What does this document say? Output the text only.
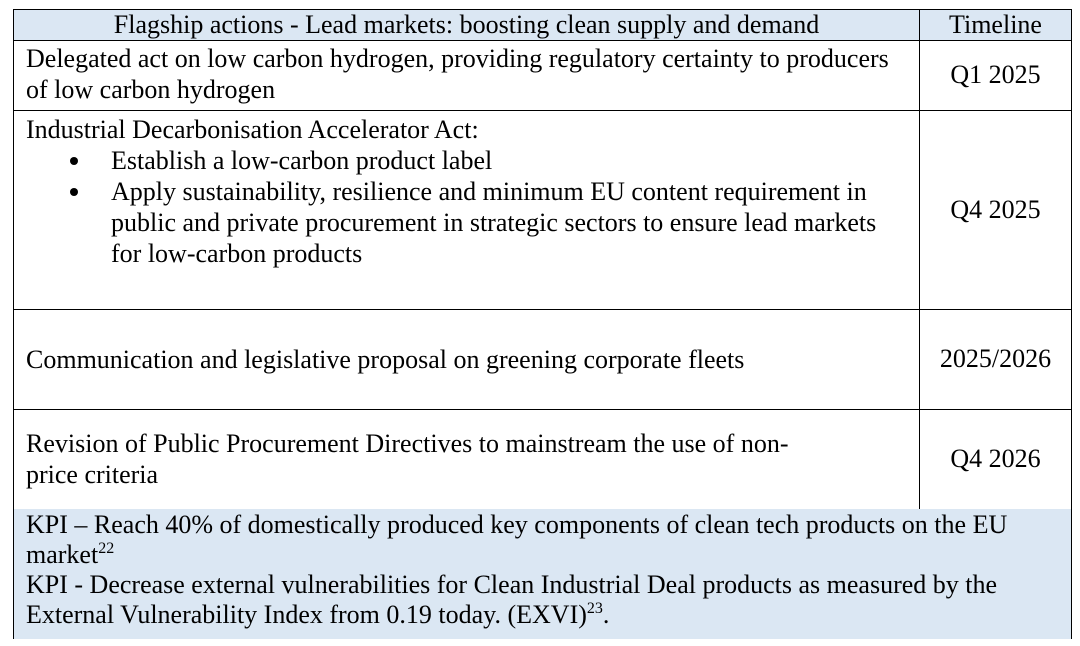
Flagship actions - Lead markets: boosting clean supply and demand	Timeline
Delegated act on low carbon hydrogen, providing regulatory certainty to producers of low carbon hydrogen
Q1 2025
Industrial Decarbonisation Accelerator Act:
Establish a low-carbon product label
Apply sustainability, resilience and minimum EU content requirement in public and private procurement in strategic sectors to ensure lead markets for low-carbon products
Q4 2025
Communication and legislative proposal on greening corporate fleets	2025/2026
Revision of Public Procurement Directives to mainstream the use of non-
price criteria
Q4 2026
KPI – Reach 40% of domestically produced key components of clean tech products on the EU market$^{22}$
KPI - Decrease external vulnerabilities for Clean Industrial Deal products as measured by the External Vulnerability Index from 0.19 today. (EXVI)$^{23}$.
